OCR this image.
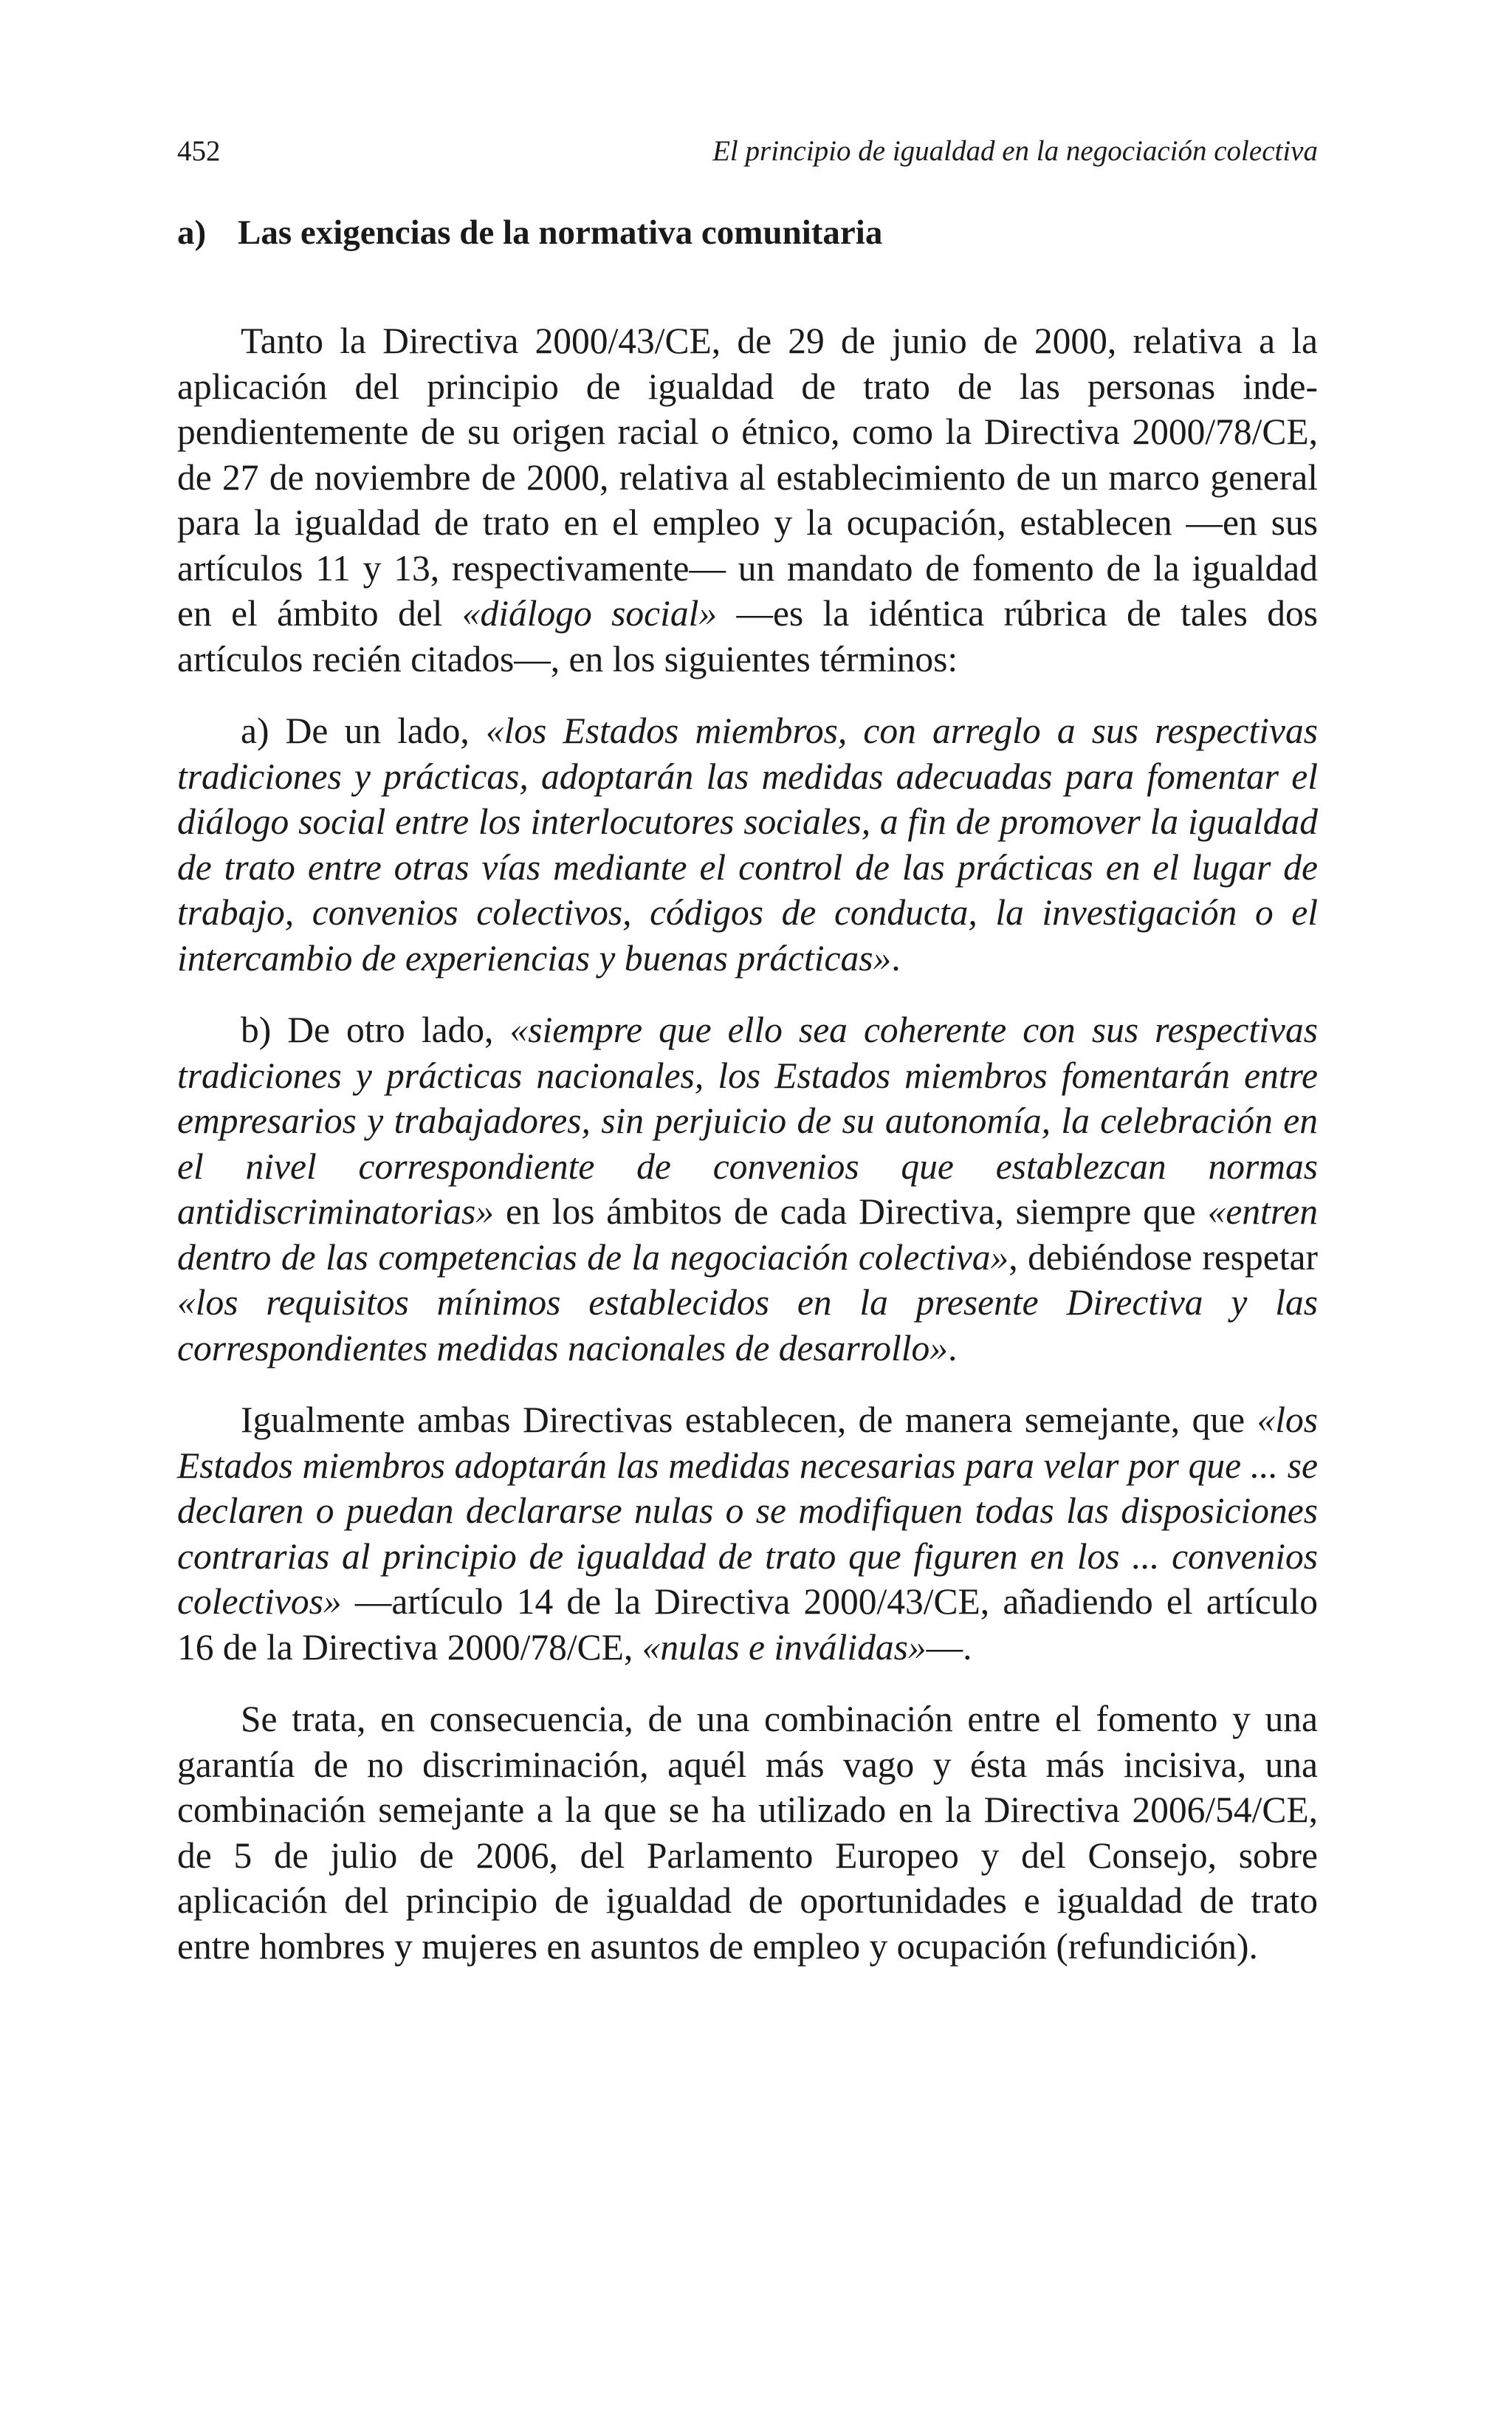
452	El principio de igualdad en la negociación colectiva
a) Las exigencias de la normativa comunitaria

Tanto la Directiva 2000/43/CE, de 29 de junio de 2000, relativa a la aplicación del principio de igualdad de trato de las personas independientemente de su origen racial o étnico, como la Directiva 2000/78/CE, de 27 de noviembre de 2000, relativa al establecimiento de un marco general para la igualdad de trato en el empleo y la ocupación, establecen —en sus artículos 11 y 13, respectivamente— un mandato de fomento de la igualdad en el ámbito del «diálogo social» —es la idéntica rúbrica de tales dos artículos recién citados—, en los siguientes términos:

a) De un lado, «los Estados miembros, con arreglo a sus respectivas tradiciones y prácticas, adoptarán las medidas adecuadas para fomentar el diálogo social entre los interlocutores sociales, a fin de promover la igualdad de trato entre otras vías mediante el control de las prácticas en el lugar de trabajo, convenios colectivos, códigos de conducta, la investigación o el intercambio de experiencias y buenas prácticas».

b) De otro lado, «siempre que ello sea coherente con sus respectivas tradiciones y prácticas nacionales, los Estados miembros fomentarán entre empresarios y trabajadores, sin perjuicio de su autonomía, la celebración en el nivel correspondiente de convenios que establezcan normas antidiscriminatorias» en los ámbitos de cada Directiva, siempre que «entren dentro de las competencias de la negociación colectiva», debiéndose respetar «los requisitos mínimos establecidos en la presente Directiva y las correspondientes medidas nacionales de desarrollo».

Igualmente ambas Directivas establecen, de manera semejante, que «los Estados miembros adoptarán las medidas necesarias para velar por que ... se declaren o puedan declararse nulas o se modifiquen todas las disposiciones contrarias al principio de igualdad de trato que figuren en los ... convenios colectivos» —artículo 14 de la Directiva 2000/43/CE, añadiendo el artículo 16 de la Directiva 2000/78/CE, «nulas e inválidas»—.

Se trata, en consecuencia, de una combinación entre el fomento y una garantía de no discriminación, aquél más vago y ésta más incisiva, una combinación semejante a la que se ha utilizado en la Directiva 2006/54/CE, de 5 de julio de 2006, del Parlamento Europeo y del Consejo, sobre aplicación del principio de igualdad de oportunidades e igualdad de trato entre hombres y mujeres en asuntos de empleo y ocupación (refundición).
